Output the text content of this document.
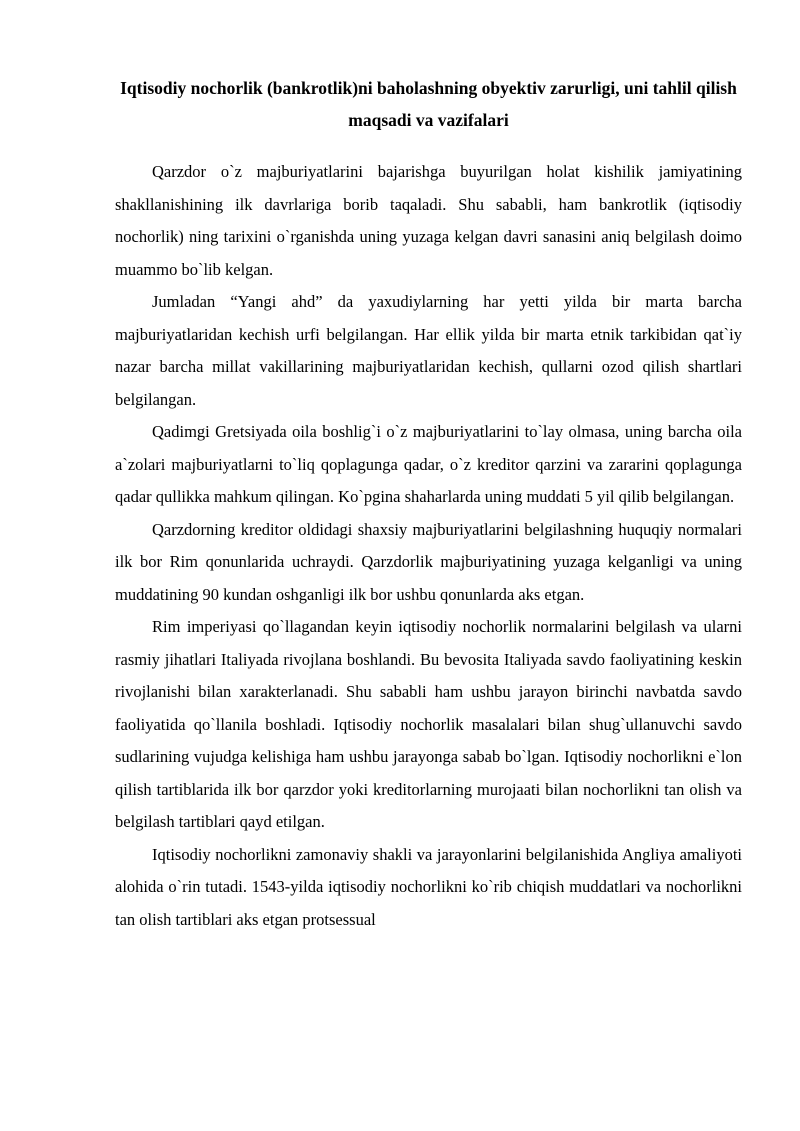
Iqtisodiy nochorlik (bankrotlik)ni baholashning obyektiv zarurligi, uni tahlil qilish maqsadi va vazifalari

Qarzdor o`z majburiyatlarini bajarishga buyurilgan holat kishilik jamiyatining shakllanishining ilk davrlariga borib taqaladi. Shu sababli, ham bankrotlik (iqtisodiy nochorlik) ning tarixini o`rganishda uning yuzaga kelgan davri sanasini aniq belgilash doimo muammo bo`lib kelgan.

Jumladan “Yangi ahd” da yaxudiylarning har yetti yilda bir marta barcha majburiyatlaridan kechish urfi belgilangan. Har ellik yilda bir marta etnik tarkibidan qat`iy nazar barcha millat vakillarining majburiyatlaridan kechish, qullarni ozod qilish shartlari belgilangan.

Qadimgi Gretsiyada oila boshlig`i o`z majburiyatlarini to`lay olmasa, uning barcha oila a`zolari majburiyatlarni to`liq qoplagunga qadar, o`z kreditor qarzini va zararini qoplagunga qadar qullikka mahkum qilingan. Ko`pgina shaharlarda uning muddati 5 yil qilib belgilangan.

Qarzdorning kreditor oldidagi shaxsiy majburiyatlarini belgilashning huquqiy normalari ilk bor Rim qonunlarida uchraydi. Qarzdorlik majburiyatining yuzaga kelganligi va uning muddatining 90 kundan oshganligi ilk bor ushbu qonunlarda aks etgan.

Rim imperiyasi qo`llagandan keyin iqtisodiy nochorlik normalarini belgilash va ularni rasmiy jihatlari Italiyada rivojlana boshlandi. Bu bevosita Italiyada savdo faoliyatining keskin rivojlanishi bilan xarakterlanadi. Shu sababli ham ushbu jarayon birinchi navbatda savdo faoliyatida qo`llanila boshladi. Iqtisodiy nochorlik masalalari bilan shug`ullanuvchi savdo sudlarining vujudga kelishiga ham ushbu jarayonga sabab bo`lgan. Iqtisodiy nochorlikni e`lon qilish tartiblarida ilk bor qarzdor yoki kreditorlarning murojaati bilan nochorlikni tan olish va belgilash tartiblari qayd etilgan.

Iqtisodiy nochorlikni zamonaviy shakli va jarayonlarini belgilanishida Angliya amaliyoti alohida o`rin tutadi. 1543-yilda iqtisodiy nochorlikni ko`rib chiqish muddatlari va nochorlikni tan olish tartiblari aks etgan protsessual
